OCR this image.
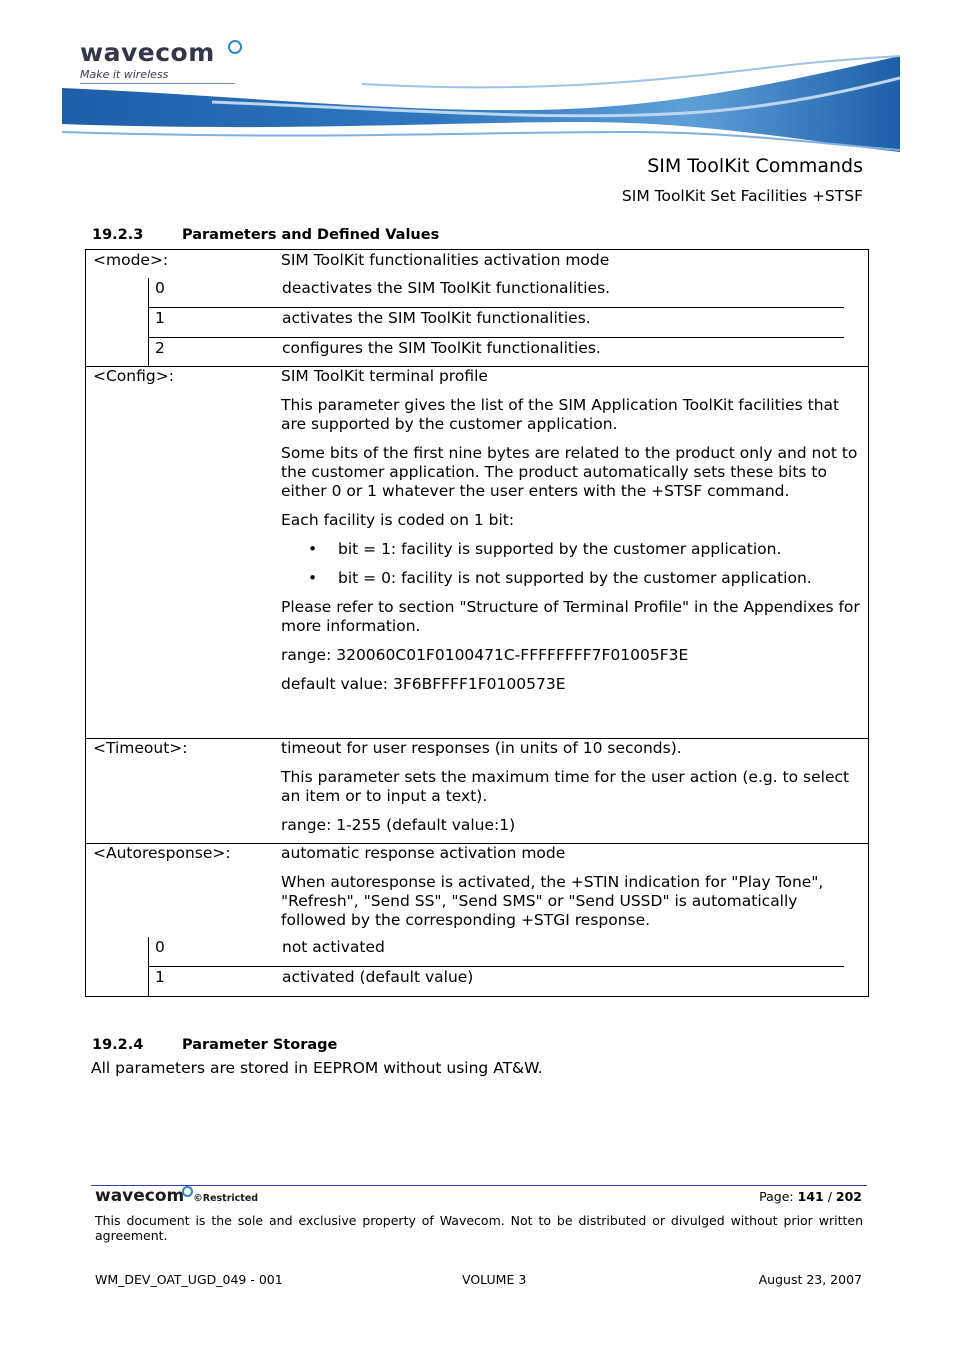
wavecom
Make it wireless
SIM ToolKit Commands
SIM ToolKit Set Facilities +STSF
19.2.3	Parameters and Defined Values
<mode>:	SIM ToolKit functionalities activation mode
0	deactivates the SIM ToolKit functionalities.
1	activates the SIM ToolKit functionalities.
2	configures the SIM ToolKit functionalities.
<Config>:	SIM ToolKit terminal profile
This parameter gives the list of the SIM Application ToolKit facilities that are supported by the customer application.
Some bits of the first nine bytes are related to the product only and not to the customer application. The product automatically sets these bits to either 0 or 1 whatever the user enters with the +STSF command.
Each facility is coded on 1 bit:
• bit = 1: facility is supported by the customer application.
• bit = 0: facility is not supported by the customer application.
Please refer to section "Structure of Terminal Profile" in the Appendixes for more information.
range: 320060C01F0100471C-FFFFFFFF7F01005F3E
default value: 3F6BFFFF1F0100573E
<Timeout>:	timeout for user responses (in units of 10 seconds).
This parameter sets the maximum time for the user action (e.g. to select an item or to input a text).
range: 1-255 (default value:1)
<Autoresponse>:	automatic response activation mode
When autoresponse is activated, the +STIN indication for "Play Tone", "Refresh", "Send SS", "Send SMS" or "Send USSD" is automatically followed by the corresponding +STGI response.
0	not activated
1	activated (default value)
19.2.4	Parameter Storage
All parameters are stored in EEPROM without using AT&W.
wavecom ©Restricted	Page: 141 / 202
This document is the sole and exclusive property of Wavecom. Not to be distributed or divulged without prior written agreement.
WM_DEV_OAT_UGD_049 - 001	VOLUME 3	August 23, 2007
